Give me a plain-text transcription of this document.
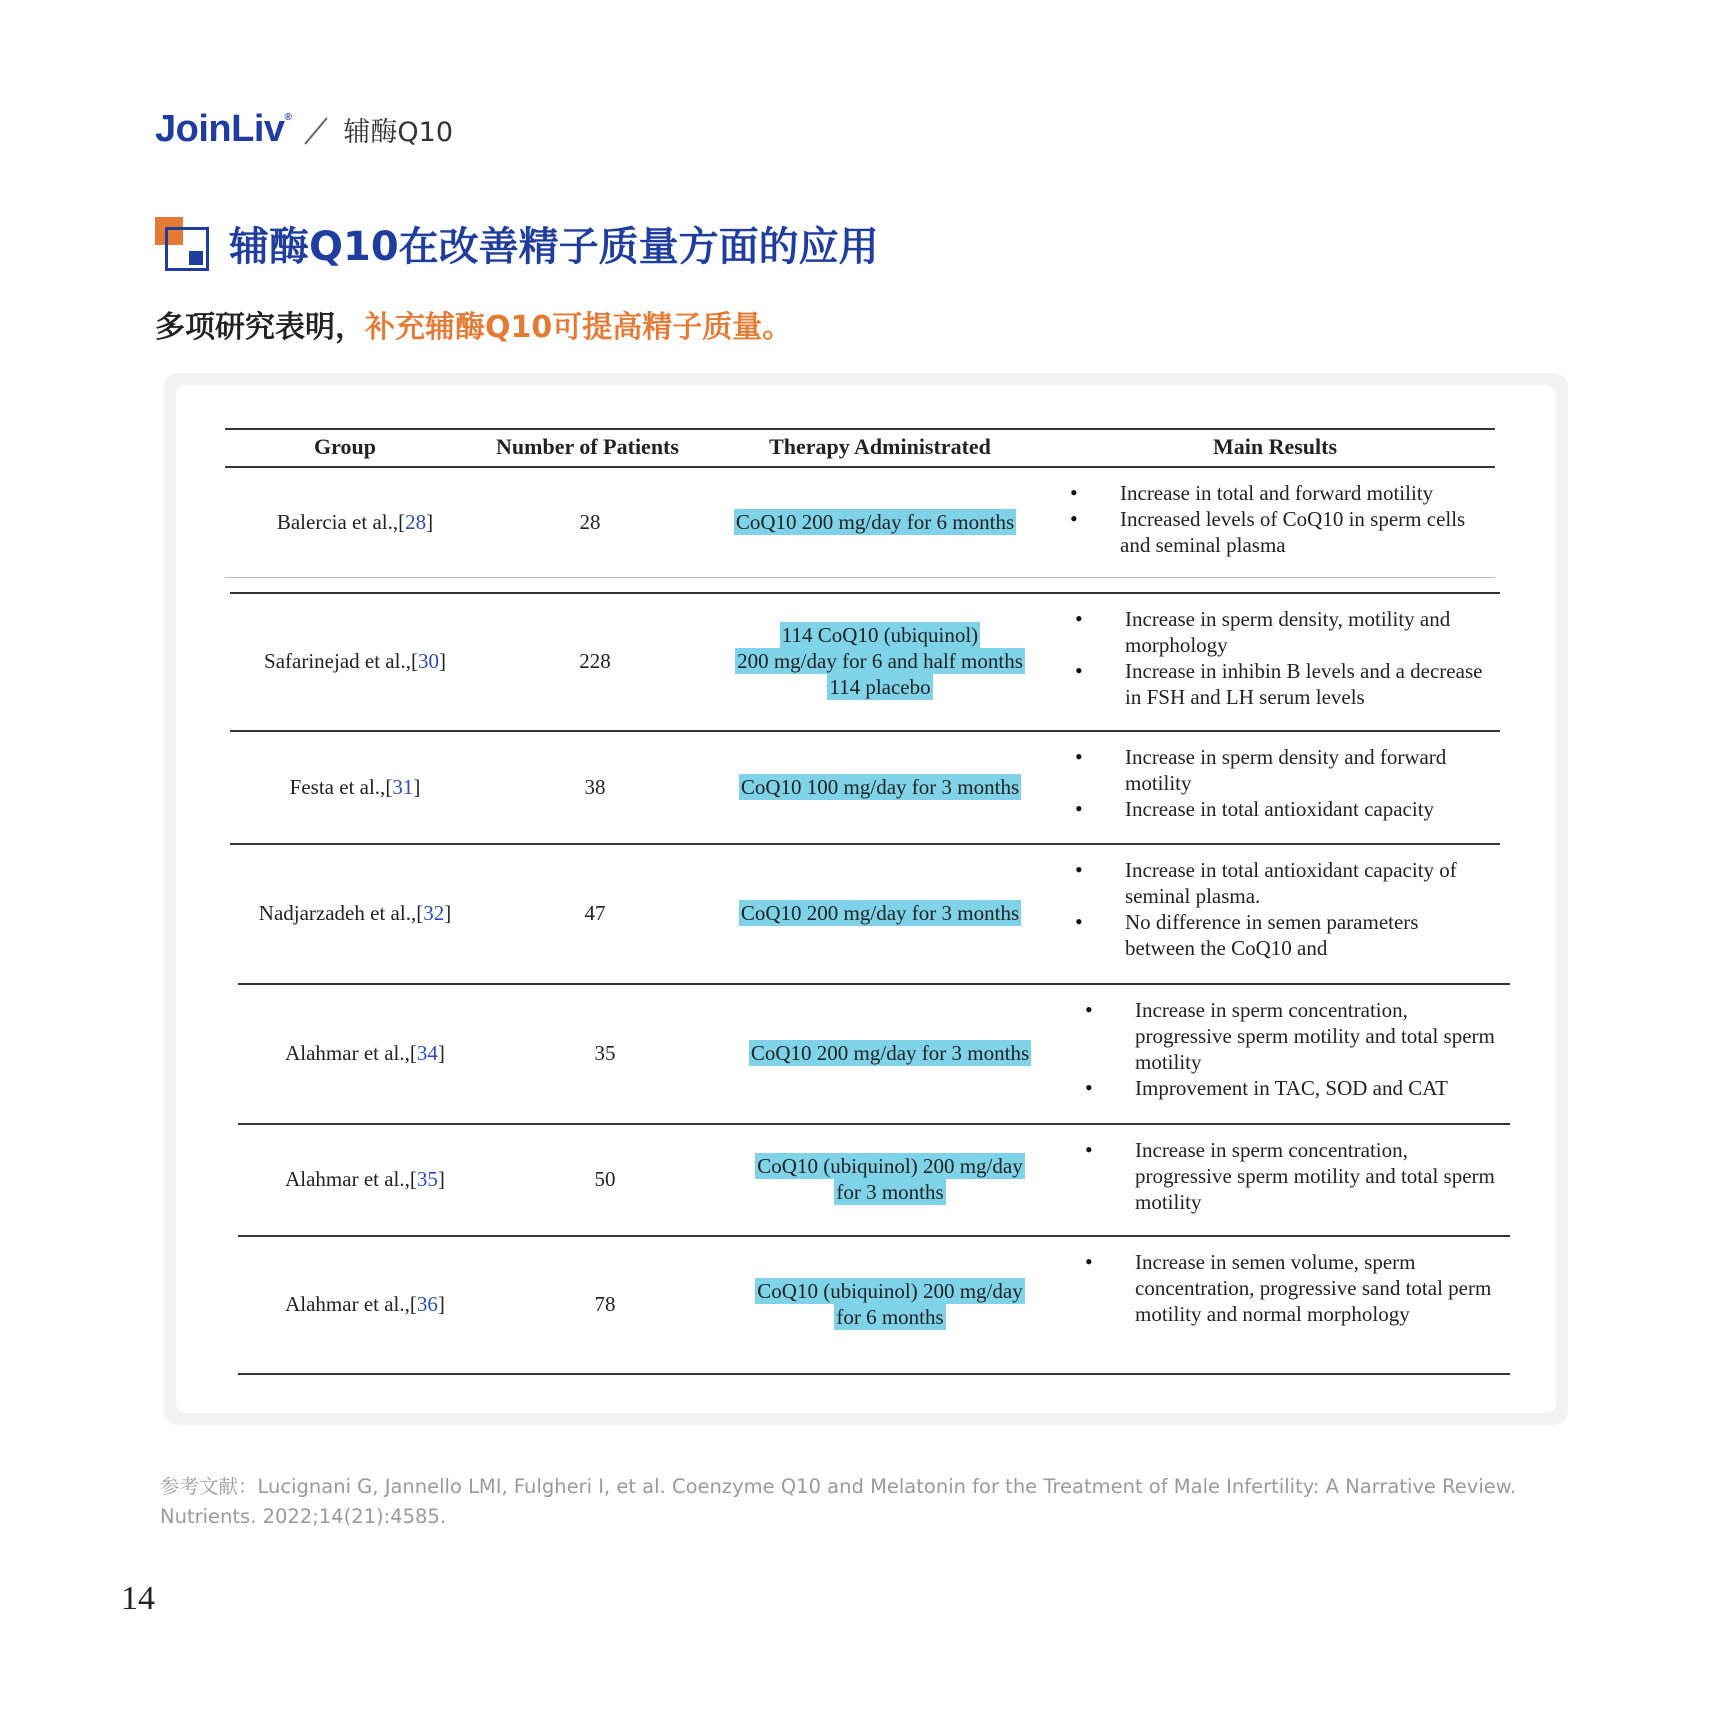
JoinLiv® 辅酶Q10
辅酶Q10在改善精子质量方面的应用
多项研究表明，补充辅酶Q10可提高精子质量。
Group	Number of Patients	Therapy Administrated	Main Results
Balercia et al., [28]	28	CoQ10 200 mg/day for 6 months
• Increase in total and forward motility
• Increased levels of CoQ10 in sperm cells and seminal plasma
Safarinejad et al., [30]	228
114 CoQ10 (ubiquinol)
200 mg/day for 6 and half months
114 placebo
• Increase in sperm density, motility and morphology
• Increase in inhibin B levels and a decrease in FSH and LH serum levels
Festa et al., [31]	38	CoQ10 100 mg/day for 3 months
• Increase in sperm density and forward motility
• Increase in total antioxidant capacity
Nadjarzadeh et al., [32]	47	CoQ10 200 mg/day for 3 months
• Increase in total antioxidant capacity of seminal plasma.
• No difference in semen parameters between the CoQ10 and
Alahmar et al., [34]	35	CoQ10 200 mg/day for 3 months
• Increase in sperm concentration, progressive sperm motility and total sperm motility
• Improvement in TAC, SOD and CAT
Alahmar et al., [35]	50
CoQ10 (ubiquinol) 200 mg/day
for 3 months
• Increase in sperm concentration, progressive sperm motility and total sperm motility
Alahmar et al., [36]	78
CoQ10 (ubiquinol) 200 mg/day
for 6 months
• Increase in semen volume, sperm concentration, progressive sand total perm motility and normal morphology
参考文献：Lucignani G, Jannello LMI, Fulgheri I, et al. Coenzyme Q10 and Melatonin for the Treatment of Male Infertility: A Narrative Review. Nutrients. 2022;14(21):4585.
14
